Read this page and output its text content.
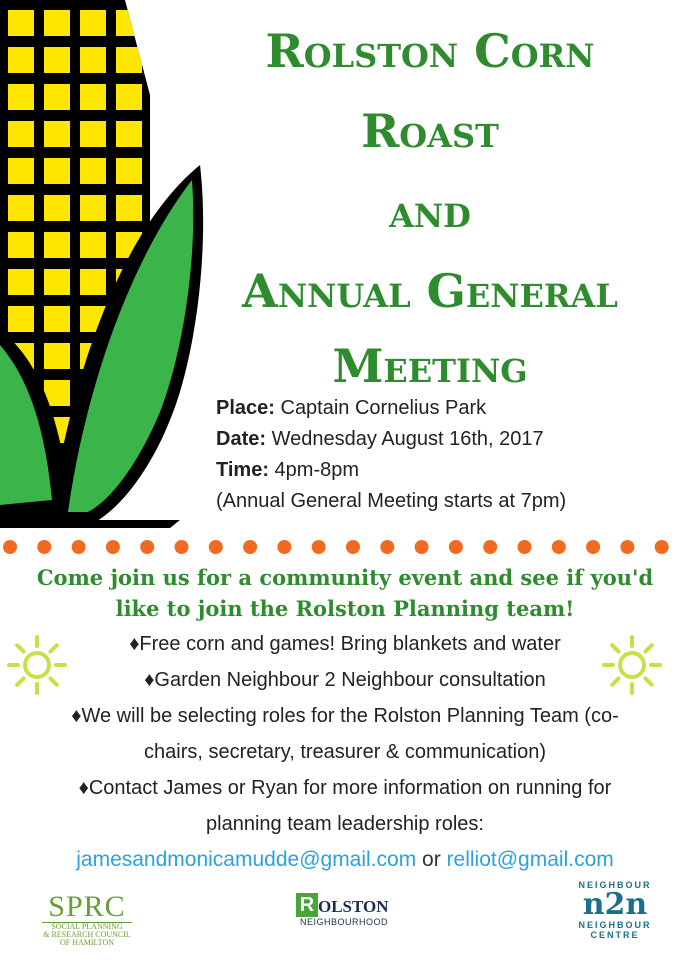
Rolston Corn
Roast
and
Annual General
Meeting
Place: Captain Cornelius Park
Date: Wednesday August 16th, 2017
Time: 4pm-8pm
(Annual General Meeting starts at 7pm)
Come join us for a community event and see if you'd
like to join the Rolston Planning team!
♦Free corn and games! Bring blankets and water
♦Garden Neighbour 2 Neighbour consultation
♦We will be selecting roles for the Rolston Planning Team (co-
chairs, secretary, treasurer & communication)
♦Contact James or Ryan for more information on running for
planning team leadership roles:
jamesandmonicamudde@gmail.com or relliot@gmail.com
SPRC
SOCIAL PLANNING
& RESEARCH COUNCIL
OF HAMILTON
R OLSTON
NEIGHBOURHOOD
NEIGHBOUR
n2n
NEIGHBOUR
CENTRE
